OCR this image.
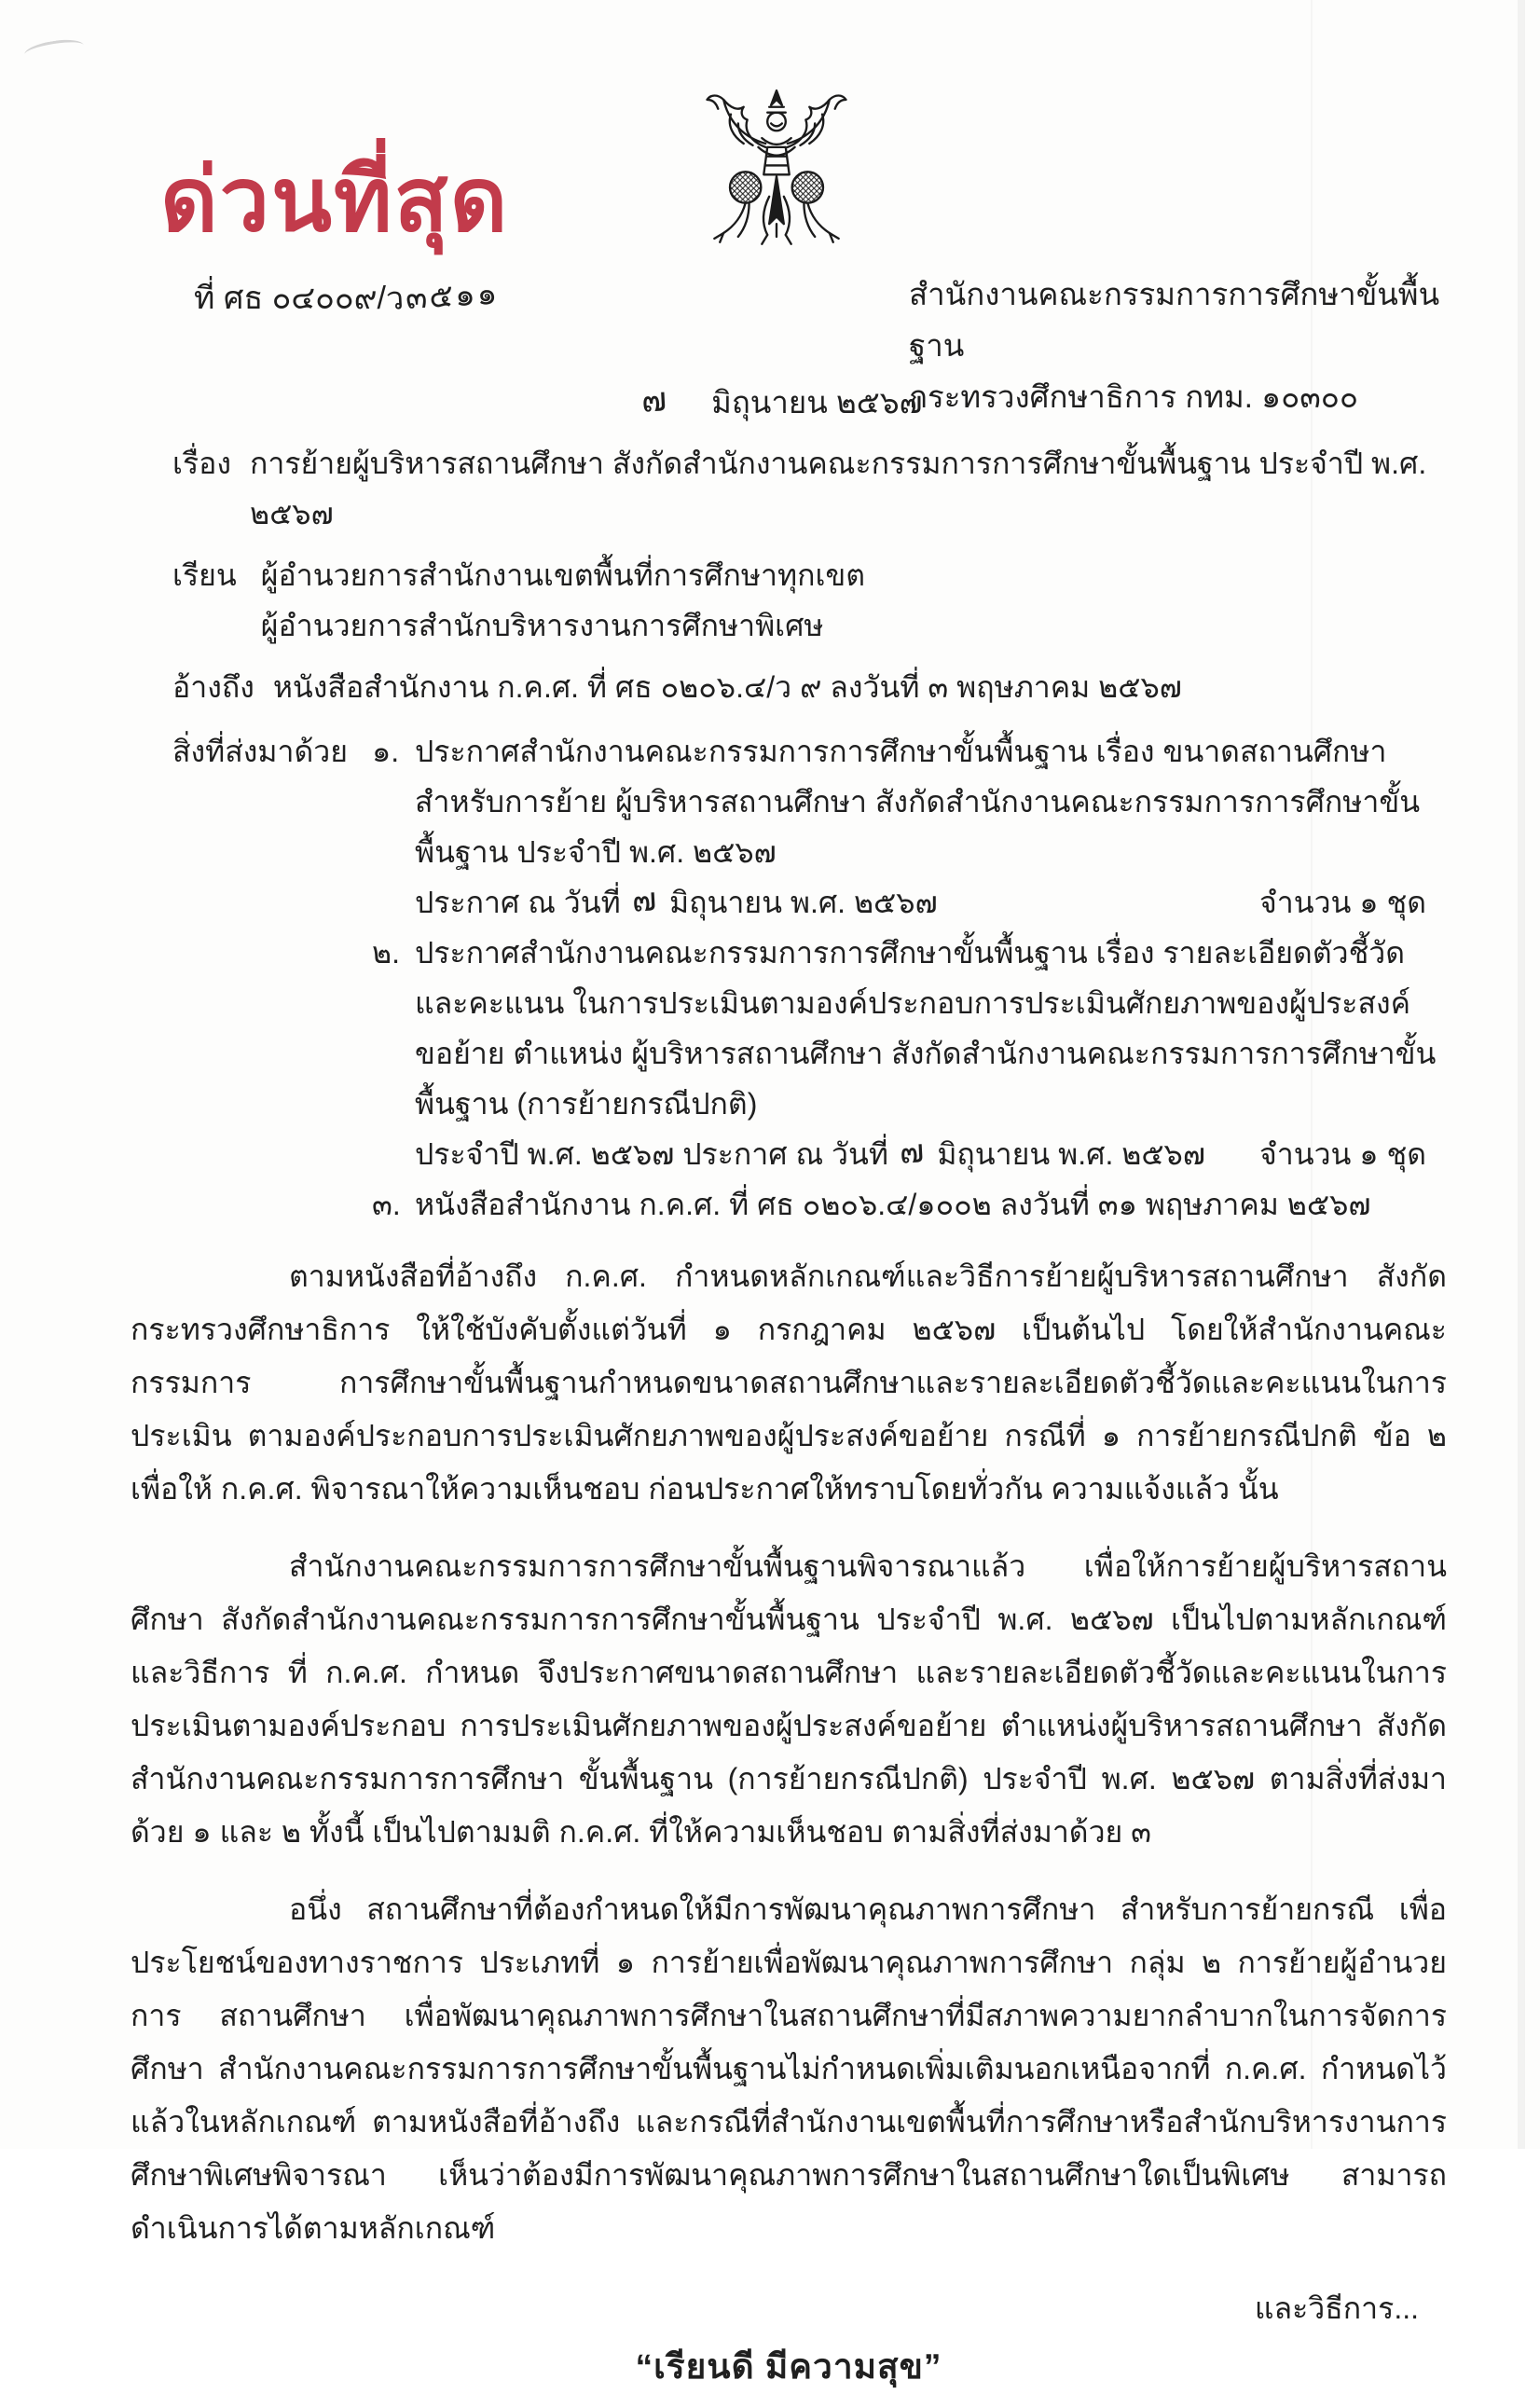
ด่วนที่สุด
ที่ ศธ ๐๔๐๐๙/ว๓๕๑๑	สำนักงานคณะกรรมการการศึกษาขั้นพื้นฐาน
กระทรวงศึกษาธิการ กทม. ๑๐๓๐๐
๗ มิถุนายน ๒๕๖๗
เรื่อง การย้ายผู้บริหารสถานศึกษา สังกัดสำนักงานคณะกรรมการการศึกษาขั้นพื้นฐาน ประจำปี พ.ศ. ๒๕๖๗
เรียน ผู้อำนวยการสำนักงานเขตพื้นที่การศึกษาทุกเขต
ผู้อำนวยการสำนักบริหารงานการศึกษาพิเศษ
อ้างถึง หนังสือสำนักงาน ก.ค.ศ. ที่ ศธ ๐๒๐๖.๔/ว ๙ ลงวันที่ ๓ พฤษภาคม ๒๕๖๗
สิ่งที่ส่งมาด้วย ๑. ประกาศสำนักงานคณะกรรมการการศึกษาขั้นพื้นฐาน เรื่อง ขนาดสถานศึกษาสำหรับการย้าย ผู้บริหารสถานศึกษา สังกัดสำนักงานคณะกรรมการการศึกษาขั้นพื้นฐาน ประจำปี พ.ศ. ๒๕๖๗
ประกาศ ณ วันที่ ๗ มิถุนายน พ.ศ. ๒๕๖๗	จำนวน ๑ ชุด
๒. ประกาศสำนักงานคณะกรรมการการศึกษาขั้นพื้นฐาน เรื่อง รายละเอียดตัวชี้วัดและคะแนน ในการประเมินตามองค์ประกอบการประเมินศักยภาพของผู้ประสงค์ขอย้าย ตำแหน่ง ผู้บริหารสถานศึกษา สังกัดสำนักงานคณะกรรมการการศึกษาขั้นพื้นฐาน (การย้ายกรณีปกติ)
ประจำปี พ.ศ. ๒๕๖๗ ประกาศ ณ วันที่ ๗ มิถุนายน พ.ศ. ๒๕๖๗ จำนวน ๑ ชุด
๓. หนังสือสำนักงาน ก.ค.ศ. ที่ ศธ ๐๒๐๖.๔/๑๐๐๒ ลงวันที่ ๓๑ พฤษภาคม ๒๕๖๗

ตามหนังสือที่อ้างถึง ก.ค.ศ. กำหนดหลักเกณฑ์และวิธีการย้ายผู้บริหารสถานศึกษา สังกัดกระทรวงศึกษาธิการ ให้ใช้บังคับตั้งแต่วันที่ ๑ กรกฎาคม ๒๕๖๗ เป็นต้นไป โดยให้สำนักงานคณะกรรมการ การศึกษาขั้นพื้นฐานกำหนดขนาดสถานศึกษาและรายละเอียดตัวชี้วัดและคะแนนในการประเมิน ตามองค์ประกอบการประเมินศักยภาพของผู้ประสงค์ขอย้าย กรณีที่ ๑ การย้ายกรณีปกติ ข้อ ๒ เพื่อให้ ก.ค.ศ. พิจารณาให้ความเห็นชอบ ก่อนประกาศให้ทราบโดยทั่วกัน ความแจ้งแล้ว นั้น

สำนักงานคณะกรรมการการศึกษาขั้นพื้นฐานพิจารณาแล้ว เพื่อให้การย้ายผู้บริหารสถานศึกษา สังกัดสำนักงานคณะกรรมการการศึกษาขั้นพื้นฐาน ประจำปี พ.ศ. ๒๕๖๗ เป็นไปตามหลักเกณฑ์และวิธีการ ที่ ก.ค.ศ. กำหนด จึงประกาศขนาดสถานศึกษา และรายละเอียดตัวชี้วัดและคะแนนในการประเมินตามองค์ประกอบ การประเมินศักยภาพของผู้ประสงค์ขอย้าย ตำแหน่งผู้บริหารสถานศึกษา สังกัดสำนักงานคณะกรรมการการศึกษา ขั้นพื้นฐาน (การย้ายกรณีปกติ) ประจำปี พ.ศ. ๒๕๖๗ ตามสิ่งที่ส่งมาด้วย ๑ และ ๒ ทั้งนี้ เป็นไปตามมติ ก.ค.ศ. ที่ให้ความเห็นชอบ ตามสิ่งที่ส่งมาด้วย ๓

อนึ่ง สถานศึกษาที่ต้องกำหนดให้มีการพัฒนาคุณภาพการศึกษา สำหรับการย้ายกรณี เพื่อประโยชน์ของทางราชการ ประเภทที่ ๑ การย้ายเพื่อพัฒนาคุณภาพการศึกษา กลุ่ม ๒ การย้ายผู้อำนวยการ สถานศึกษา เพื่อพัฒนาคุณภาพการศึกษาในสถานศึกษาที่มีสภาพความยากลำบากในการจัดการศึกษา สำนักงานคณะกรรมการการศึกษาขั้นพื้นฐานไม่กำหนดเพิ่มเติมนอกเหนือจากที่ ก.ค.ศ. กำหนดไว้แล้วในหลักเกณฑ์ ตามหนังสือที่อ้างถึง และกรณีที่สำนักงานเขตพื้นที่การศึกษาหรือสำนักบริหารงานการศึกษาพิเศษพิจารณา เห็นว่าต้องมีการพัฒนาคุณภาพการศึกษาในสถานศึกษาใดเป็นพิเศษ สามารถดำเนินการได้ตามหลักเกณฑ์

และวิธีการ...
“เรียนดี มีความสุข”
